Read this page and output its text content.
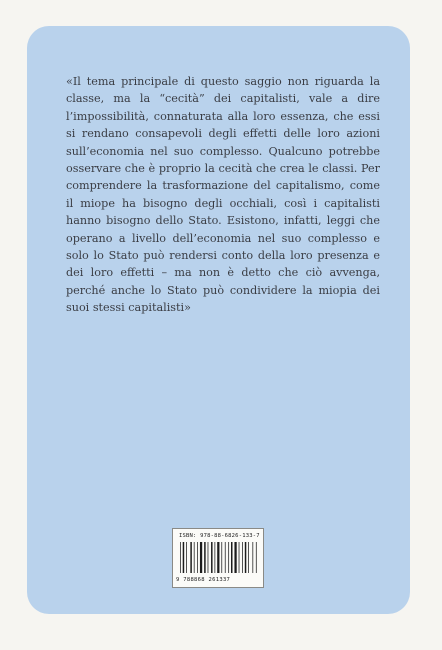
«Il tema principale di questo saggio non riguarda la classe, ma la “cecità” dei capitalisti, vale a dire l’impossibilità, connaturata alla loro essenza, che essi si rendano consapevoli degli effetti delle loro azioni sull’economia nel suo complesso. Qualcuno potrebbe osservare che è proprio la cecità che crea le classi. Per comprendere la trasformazione del capitalismo, come il miope ha bisogno degli occhiali, così i capitalisti hanno bisogno dello Stato. Esistono, infatti, leggi che operano a livello dell’economia nel suo complesso e solo lo Stato può rendersi conto della loro presenza e dei loro effetti – ma non è detto che ciò avvenga, perché anche lo Stato può condividere la miopia dei suoi stessi capitalisti»

ISBN: 978-88-6826-133-7
9 788868 261337
